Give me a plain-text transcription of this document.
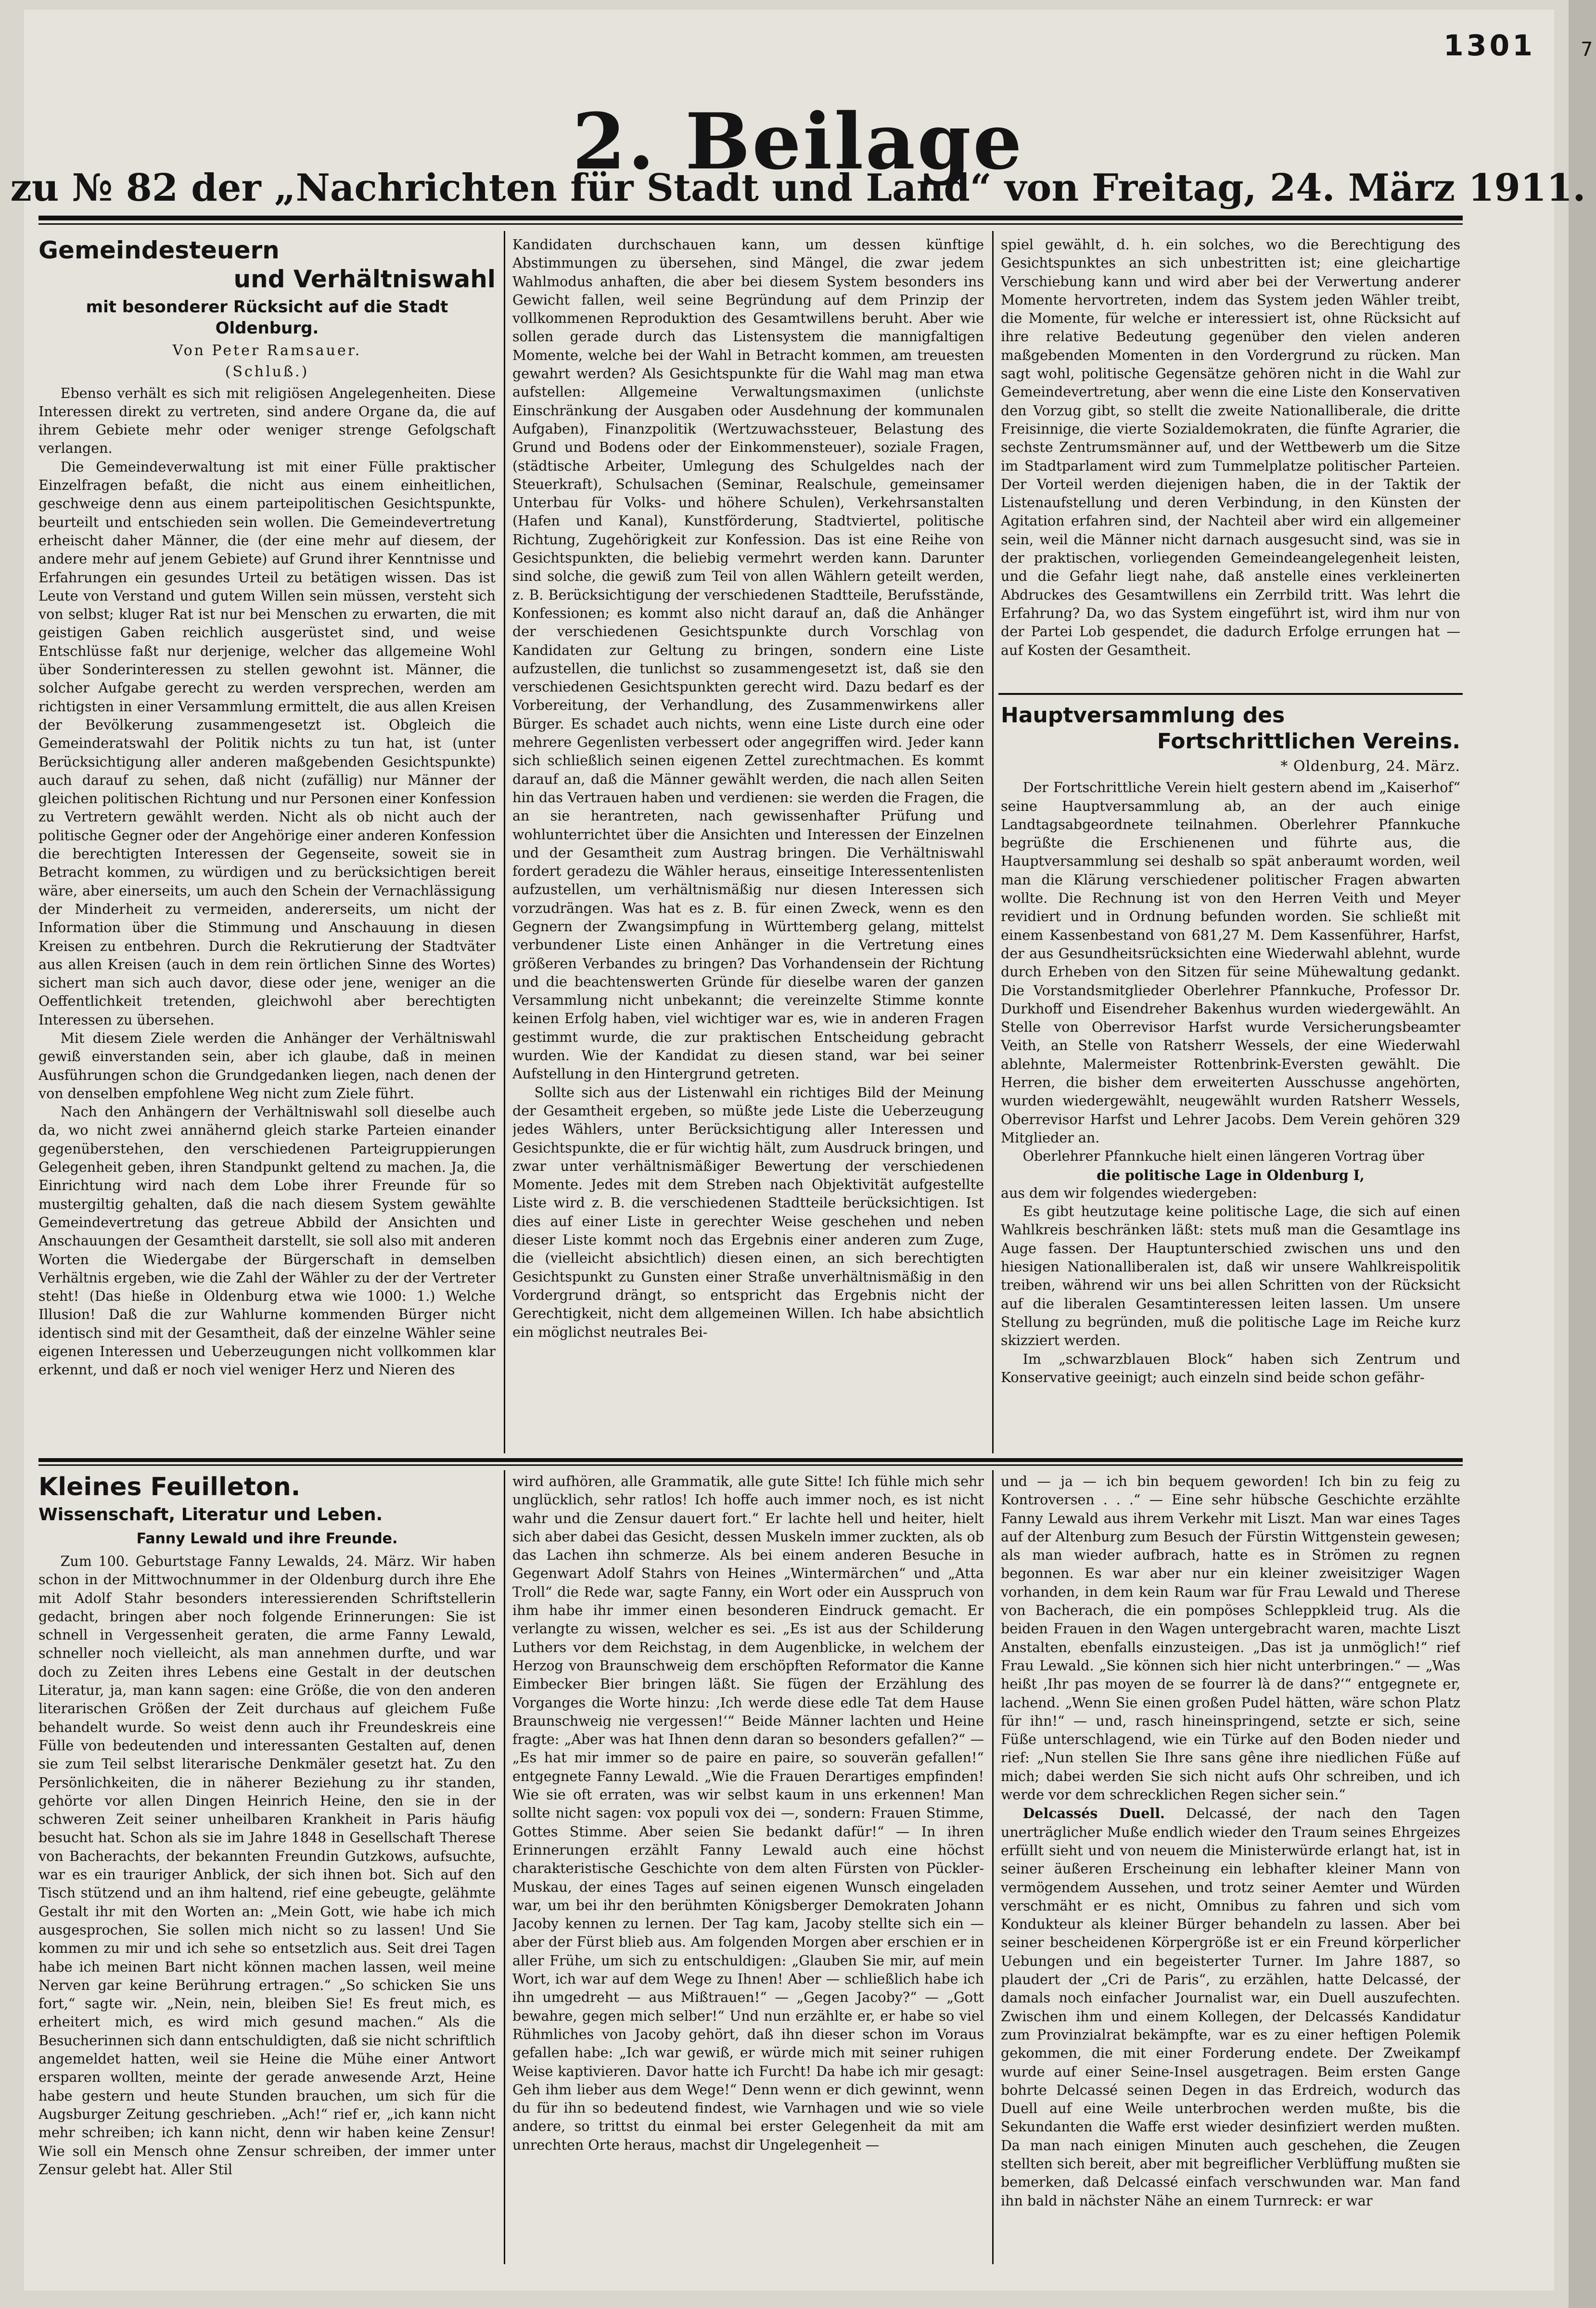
7
1301
2. Beilage
zu № 82 der „Nachrichten für Stadt und Land“ von Freitag, 24. März 1911.
Gemeindesteuern
und Verhältniswahl
mit besonderer Rücksicht auf die Stadt Oldenburg.
Von Peter Ramsauer.
(Schluß.)

Ebenso verhält es sich mit religiösen Angelegenheiten. Diese Interessen direkt zu vertreten, sind andere Organe da, die auf ihrem Gebiete mehr oder weniger strenge Gefolgschaft verlangen.

Die Gemeindeverwaltung ist mit einer Fülle praktischer Einzelfragen befaßt, die nicht aus einem einheitlichen, geschweige denn aus einem parteipolitischen Gesichtspunkte, beurteilt und entschieden sein wollen. Die Gemeindevertretung erheischt daher Männer, die (der eine mehr auf diesem, der andere mehr auf jenem Gebiete) auf Grund ihrer Kenntnisse und Erfahrungen ein gesundes Urteil zu betätigen wissen. Das ist Leute von Verstand und gutem Willen sein müssen, versteht sich von selbst; kluger Rat ist nur bei Menschen zu erwarten, die mit geistigen Gaben reichlich ausgerüstet sind, und weise Entschlüsse faßt nur derjenige, welcher das allgemeine Wohl über Sonderinteressen zu stellen gewohnt ist. Männer, die solcher Aufgabe gerecht zu werden versprechen, werden am richtigsten in einer Versammlung ermittelt, die aus allen Kreisen der Bevölkerung zusammengesetzt ist. Obgleich die Gemeinderatswahl der Politik nichts zu tun hat, ist (unter Berücksichtigung aller anderen maßgebenden Gesichtspunkte) auch darauf zu sehen, daß nicht (zufällig) nur Männer der gleichen politischen Richtung und nur Personen einer Konfession zu Vertretern gewählt werden. Nicht als ob nicht auch der politische Gegner oder der Angehörige einer anderen Konfession die berechtigten Interessen der Gegenseite, soweit sie in Betracht kommen, zu würdigen und zu berücksichtigen bereit wäre, aber einerseits, um auch den Schein der Vernachlässigung der Minderheit zu vermeiden, andererseits, um nicht der Information über die Stimmung und Anschauung in diesen Kreisen zu entbehren. Durch die Rekrutierung der Stadtväter aus allen Kreisen (auch in dem rein örtlichen Sinne des Wortes) sichert man sich auch davor, diese oder jene, weniger an die Oeffentlichkeit tretenden, gleichwohl aber berechtigten Interessen zu übersehen.

Mit diesem Ziele werden die Anhänger der Verhältniswahl gewiß einverstanden sein, aber ich glaube, daß in meinen Ausführungen schon die Grundgedanken liegen, nach denen der von denselben empfohlene Weg nicht zum Ziele führt.

Nach den Anhängern der Verhältniswahl soll dieselbe auch da, wo nicht zwei annähernd gleich starke Parteien einander gegenüberstehen, den verschiedenen Parteigruppierungen Gelegenheit geben, ihren Standpunkt geltend zu machen. Ja, die Einrichtung wird nach dem Lobe ihrer Freunde für so mustergiltig gehalten, daß die nach diesem System gewählte Gemeindevertretung das getreue Abbild der Ansichten und Anschauungen der Gesamtheit darstellt, sie soll also mit anderen Worten die Wiedergabe der Bürgerschaft in demselben Verhältnis ergeben, wie die Zahl der Wähler zu der der Vertreter steht! (Das hieße in Oldenburg etwa wie 1000: 1.) Welche Illusion! Daß die zur Wahlurne kommenden Bürger nicht identisch sind mit der Gesamtheit, daß der einzelne Wähler seine eigenen Interessen und Ueberzeugungen nicht vollkommen klar erkennt, und daß er noch viel weniger Herz und Nieren des

Kandidaten durchschauen kann, um dessen künftige Abstimmungen zu übersehen, sind Mängel, die zwar jedem Wahlmodus anhaften, die aber bei diesem System besonders ins Gewicht fallen, weil seine Begründung auf dem Prinzip der vollkommenen Reproduktion des Gesamtwillens beruht. Aber wie sollen gerade durch das Listensystem die mannigfaltigen Momente, welche bei der Wahl in Betracht kommen, am treuesten gewahrt werden? Als Gesichtspunkte für die Wahl mag man etwa aufstellen: Allgemeine Verwaltungsmaximen (unlichste Einschränkung der Ausgaben oder Ausdehnung der kommunalen Aufgaben), Finanzpolitik (Wertzuwachssteuer, Belastung des Grund und Bodens oder der Einkommensteuer), soziale Fragen, (städtische Arbeiter, Umlegung des Schulgeldes nach der Steuerkraft), Schulsachen (Seminar, Realschule, gemeinsamer Unterbau für Volks- und höhere Schulen), Verkehrsanstalten (Hafen und Kanal), Kunstförderung, Stadtviertel, politische Richtung, Zugehörigkeit zur Konfession. Das ist eine Reihe von Gesichtspunkten, die beliebig vermehrt werden kann. Darunter sind solche, die gewiß zum Teil von allen Wählern geteilt werden, z. B. Berücksichtigung der verschiedenen Stadtteile, Berufsstände, Konfessionen; es kommt also nicht darauf an, daß die Anhänger der verschiedenen Gesichtspunkte durch Vorschlag von Kandidaten zur Geltung zu bringen, sondern eine Liste aufzustellen, die tunlichst so zusammengesetzt ist, daß sie den verschiedenen Gesichtspunkten gerecht wird. Dazu bedarf es der Vorbereitung, der Verhandlung, des Zusammenwirkens aller Bürger. Es schadet auch nichts, wenn eine Liste durch eine oder mehrere Gegenlisten verbessert oder angegriffen wird. Jeder kann sich schließlich seinen eigenen Zettel zurechtmachen. Es kommt darauf an, daß die Männer gewählt werden, die nach allen Seiten hin das Vertrauen haben und verdienen: sie werden die Fragen, die an sie herantreten, nach gewissenhafter Prüfung und wohlunterrichtet über die Ansichten und Interessen der Einzelnen und der Gesamtheit zum Austrag bringen. Die Verhältniswahl fordert geradezu die Wähler heraus, einseitige Interessentenlisten aufzustellen, um verhältnismäßig nur diesen Interessen sich vorzudrängen. Was hat es z. B. für einen Zweck, wenn es den Gegnern der Zwangsimpfung in Württemberg gelang, mittelst verbundener Liste einen Anhänger in die Vertretung eines größeren Verbandes zu bringen? Das Vorhandensein der Richtung und die beachtenswerten Gründe für dieselbe waren der ganzen Versammlung nicht unbekannt; die vereinzelte Stimme konnte keinen Erfolg haben, viel wichtiger war es, wie in anderen Fragen gestimmt wurde, die zur praktischen Entscheidung gebracht wurden. Wie der Kandidat zu diesen stand, war bei seiner Aufstellung in den Hintergrund getreten.

Sollte sich aus der Listenwahl ein richtiges Bild der Meinung der Gesamtheit ergeben, so müßte jede Liste die Ueberzeugung jedes Wählers, unter Berücksichtigung aller Interessen und Gesichtspunkte, die er für wichtig hält, zum Ausdruck bringen, und zwar unter verhältnismäßiger Bewertung der verschiedenen Momente. Jedes mit dem Streben nach Objektivität aufgestellte Liste wird z. B. die verschiedenen Stadtteile berücksichtigen. Ist dies auf einer Liste in gerechter Weise geschehen und neben dieser Liste kommt noch das Ergebnis einer anderen zum Zuge, die (vielleicht absichtlich) diesen einen, an sich berechtigten Gesichtspunkt zu Gunsten einer Straße unverhältnismäßig in den Vordergrund drängt, so entspricht das Ergebnis nicht der Gerechtigkeit, nicht dem allgemeinen Willen. Ich habe absichtlich ein möglichst neutrales Bei-

spiel gewählt, d. h. ein solches, wo die Berechtigung des Gesichtspunktes an sich unbestritten ist; eine gleichartige Verschiebung kann und wird aber bei der Verwertung anderer Momente hervortreten, indem das System jeden Wähler treibt, die Momente, für welche er interessiert ist, ohne Rücksicht auf ihre relative Bedeutung gegenüber den vielen anderen maßgebenden Momenten in den Vordergrund zu rücken. Man sagt wohl, politische Gegensätze gehören nicht in die Wahl zur Gemeindevertretung, aber wenn die eine Liste den Konservativen den Vorzug gibt, so stellt die zweite Nationalliberale, die dritte Freisinnige, die vierte Sozialdemokraten, die fünfte Agrarier, die sechste Zentrumsmänner auf, und der Wettbewerb um die Sitze im Stadtparlament wird zum Tummelplatze politischer Parteien. Der Vorteil werden diejenigen haben, die in der Taktik der Listenaufstellung und deren Verbindung, in den Künsten der Agitation erfahren sind, der Nachteil aber wird ein allgemeiner sein, weil die Männer nicht darnach ausgesucht sind, was sie in der praktischen, vorliegenden Gemeindeangelegenheit leisten, und die Gefahr liegt nahe, daß anstelle eines verkleinerten Abdruckes des Gesamtwillens ein Zerrbild tritt. Was lehrt die Erfahrung? Da, wo das System eingeführt ist, wird ihm nur von der Partei Lob gespendet, die dadurch Erfolge errungen hat — auf Kosten der Gesamtheit.

Hauptversammlung des
Fortschrittlichen Vereins.
* Oldenburg, 24. März.

Der Fortschrittliche Verein hielt gestern abend im „Kaiserhof“ seine Hauptversammlung ab, an der auch einige Landtagsabgeordnete teilnahmen. Oberlehrer Pfannkuche begrüßte die Erschienenen und führte aus, die Hauptversammlung sei deshalb so spät anberaumt worden, weil man die Klärung verschiedener politischer Fragen abwarten wollte. Die Rechnung ist von den Herren Veith und Meyer revidiert und in Ordnung befunden worden. Sie schließt mit einem Kassenbestand von 681,27 M. Dem Kassenführer, Harfst, der aus Gesundheitsrücksichten eine Wiederwahl ablehnt, wurde durch Erheben von den Sitzen für seine Mühewaltung gedankt. Die Vorstandsmitglieder Oberlehrer Pfannkuche, Professor Dr. Durkhoff und Eisendreher Bakenhus wurden wiedergewählt. An Stelle von Oberrevisor Harfst wurde Versicherungsbeamter Veith, an Stelle von Ratsherr Wessels, der eine Wiederwahl ablehnte, Malermeister Rottenbrink-Eversten gewählt. Die Herren, die bisher dem erweiterten Ausschusse angehörten, wurden wiedergewählt, neugewählt wurden Ratsherr Wessels, Oberrevisor Harfst und Lehrer Jacobs. Dem Verein gehören 329 Mitglieder an.

Oberlehrer Pfannkuche hielt einen längeren Vortrag über

die politische Lage in Oldenburg I,

aus dem wir folgendes wiedergeben:

Es gibt heutzutage keine politische Lage, die sich auf einen Wahlkreis beschränken läßt: stets muß man die Gesamtlage ins Auge fassen. Der Hauptunterschied zwischen uns und den hiesigen Nationalliberalen ist, daß wir unsere Wahlkreispolitik treiben, während wir uns bei allen Schritten von der Rücksicht auf die liberalen Gesamtinteressen leiten lassen. Um unsere Stellung zu begründen, muß die politische Lage im Reiche kurz skizziert werden.

Im „schwarzblauen Block“ haben sich Zentrum und Konservative geeinigt; auch einzeln sind beide schon gefähr-

Kleines Feuilleton.
Wissenschaft, Literatur und Leben.
Fanny Lewald und ihre Freunde.

Zum 100. Geburtstage Fanny Lewalds, 24. März. Wir haben schon in der Mittwochnummer in der Oldenburg durch ihre Ehe mit Adolf Stahr besonders interessierenden Schriftstellerin gedacht, bringen aber noch folgende Erinnerungen: Sie ist schnell in Vergessenheit geraten, die arme Fanny Lewald, schneller noch vielleicht, als man annehmen durfte, und war doch zu Zeiten ihres Lebens eine Gestalt in der deutschen Literatur, ja, man kann sagen: eine Größe, die von den anderen literarischen Größen der Zeit durchaus auf gleichem Fuße behandelt wurde. So weist denn auch ihr Freundeskreis eine Fülle von bedeutenden und interessanten Gestalten auf, denen sie zum Teil selbst literarische Denkmäler gesetzt hat. Zu den Persönlichkeiten, die in näherer Beziehung zu ihr standen, gehörte vor allen Dingen Heinrich Heine, den sie in der schweren Zeit seiner unheilbaren Krankheit in Paris häufig besucht hat. Schon als sie im Jahre 1848 in Gesellschaft Therese von Bacherachts, der bekannten Freundin Gutzkows, aufsuchte, war es ein trauriger Anblick, der sich ihnen bot. Sich auf den Tisch stützend und an ihm haltend, rief eine gebeugte, gelähmte Gestalt ihr mit den Worten an: „Mein Gott, wie habe ich mich ausgesprochen, Sie sollen mich nicht so zu lassen! Und Sie kommen zu mir und ich sehe so entsetzlich aus. Seit drei Tagen habe ich meinen Bart nicht können machen lassen, weil meine Nerven gar keine Berührung ertragen.“ „So schicken Sie uns fort,“ sagte wir. „Nein, nein, bleiben Sie! Es freut mich, es erheitert mich, es wird mich gesund machen.“ Als die Besucherinnen sich dann entschuldigten, daß sie nicht schriftlich angemeldet hatten, weil sie Heine die Mühe einer Antwort ersparen wollten, meinte der gerade anwesende Arzt, Heine habe gestern und heute Stunden brauchen, um sich für die Augsburger Zeitung geschrieben. „Ach!“ rief er, „ich kann nicht mehr schreiben; ich kann nicht, denn wir haben keine Zensur! Wie soll ein Mensch ohne Zensur schreiben, der immer unter Zensur gelebt hat. Aller Stil

wird aufhören, alle Grammatik, alle gute Sitte! Ich fühle mich sehr unglücklich, sehr ratlos! Ich hoffe auch immer noch, es ist nicht wahr und die Zensur dauert fort.“ Er lachte hell und heiter, hielt sich aber dabei das Gesicht, dessen Muskeln immer zuckten, als ob das Lachen ihn schmerze. Als bei einem anderen Besuche in Gegenwart Adolf Stahrs von Heines „Wintermärchen“ und „Atta Troll“ die Rede war, sagte Fanny, ein Wort oder ein Ausspruch von ihm habe ihr immer einen besonderen Eindruck gemacht. Er verlangte zu wissen, welcher es sei. „Es ist aus der Schilderung Luthers vor dem Reichstag, in dem Augenblicke, in welchem der Herzog von Braunschweig dem erschöpften Reformator die Kanne Eimbecker Bier bringen läßt. Sie fügen der Erzählung des Vorganges die Worte hinzu: ‚Ich werde diese edle Tat dem Hause Braunschweig nie vergessen!‘“ Beide Männer lachten und Heine fragte: „Aber was hat Ihnen denn daran so besonders gefallen?“ — „Es hat mir immer so de paire en paire, so souverän gefallen!“ entgegnete Fanny Lewald. „Wie die Frauen Derartiges empfinden! Wie sie oft erraten, was wir selbst kaum in uns erkennen! Man sollte nicht sagen: vox populi vox dei —, sondern: Frauen Stimme, Gottes Stimme. Aber seien Sie bedankt dafür!“ — In ihren Erinnerungen erzählt Fanny Lewald auch eine höchst charakteristische Geschichte von dem alten Fürsten von Pückler-Muskau, der eines Tages auf seinen eigenen Wunsch eingeladen war, um bei ihr den berühmten Königsberger Demokraten Johann Jacoby kennen zu lernen. Der Tag kam, Jacoby stellte sich ein — aber der Fürst blieb aus. Am folgenden Morgen aber erschien er in aller Frühe, um sich zu entschuldigen: „Glauben Sie mir, auf mein Wort, ich war auf dem Wege zu Ihnen! Aber — schließlich habe ich ihn umgedreht — aus Mißtrauen!“ — „Gegen Jacoby?“ — „Gott bewahre, gegen mich selber!“ Und nun erzählte er, er habe so viel Rühmliches von Jacoby gehört, daß ihn dieser schon im Voraus gefallen habe: „Ich war gewiß, er würde mich mit seiner ruhigen Weise kaptivieren. Davor hatte ich Furcht! Da habe ich mir gesagt: Geh ihm lieber aus dem Wege!“ Denn wenn er dich gewinnt, wenn du für ihn so bedeutend findest, wie Varnhagen und wie so viele andere, so trittst du einmal bei erster Gelegenheit da mit am unrechten Orte heraus, machst dir Ungelegenheit —

und — ja — ich bin bequem geworden! Ich bin zu feig zu Kontroversen . . .“ — Eine sehr hübsche Geschichte erzählte Fanny Lewald aus ihrem Verkehr mit Liszt. Man war eines Tages auf der Altenburg zum Besuch der Fürstin Wittgenstein gewesen; als man wieder aufbrach, hatte es in Strömen zu regnen begonnen. Es war aber nur ein kleiner zweisitziger Wagen vorhanden, in dem kein Raum war für Frau Lewald und Therese von Bacherach, die ein pompöses Schleppkleid trug. Als die beiden Frauen in den Wagen untergebracht waren, machte Liszt Anstalten, ebenfalls einzusteigen. „Das ist ja unmöglich!“ rief Frau Lewald. „Sie können sich hier nicht unterbringen.“ — „Was heißt ‚Ihr pas moyen de se fourrer là de dans?‘“ entgegnete er, lachend. „Wenn Sie einen großen Pudel hätten, wäre schon Platz für ihn!“ — und, rasch hineinspringend, setzte er sich, seine Füße unterschlagend, wie ein Türke auf den Boden nieder und rief: „Nun stellen Sie Ihre sans gêne ihre niedlichen Füße auf mich; dabei werden Sie sich nicht aufs Ohr schreiben, und ich werde vor dem schrecklichen Regen sicher sein.“

Delcassés Duell. Delcassé, der nach den Tagen unerträglicher Muße endlich wieder den Traum seines Ehrgeizes erfüllt sieht und von neuem die Ministerwürde erlangt hat, ist in seiner äußeren Erscheinung ein lebhafter kleiner Mann von vermögendem Aussehen, und trotz seiner Aemter und Würden verschmäht er es nicht, Omnibus zu fahren und sich vom Kondukteur als kleiner Bürger behandeln zu lassen. Aber bei seiner bescheidenen Körpergröße ist er ein Freund körperlicher Uebungen und ein begeisterter Turner. Im Jahre 1887, so plaudert der „Cri de Paris“, zu erzählen, hatte Delcassé, der damals noch einfacher Journalist war, ein Duell auszufechten. Zwischen ihm und einem Kollegen, der Delcassés Kandidatur zum Provinzialrat bekämpfte, war es zu einer heftigen Polemik gekommen, die mit einer Forderung endete. Der Zweikampf wurde auf einer Seine-Insel ausgetragen. Beim ersten Gange bohrte Delcassé seinen Degen in das Erdreich, wodurch das Duell auf eine Weile unterbrochen werden mußte, bis die Sekundanten die Waffe erst wieder desinfiziert werden mußten. Da man nach einigen Minuten auch geschehen, die Zeugen stellten sich bereit, aber mit begreiflicher Verblüffung mußten sie bemerken, daß Delcassé einfach verschwunden war. Man fand ihn bald in nächster Nähe an einem Turnreck: er war
